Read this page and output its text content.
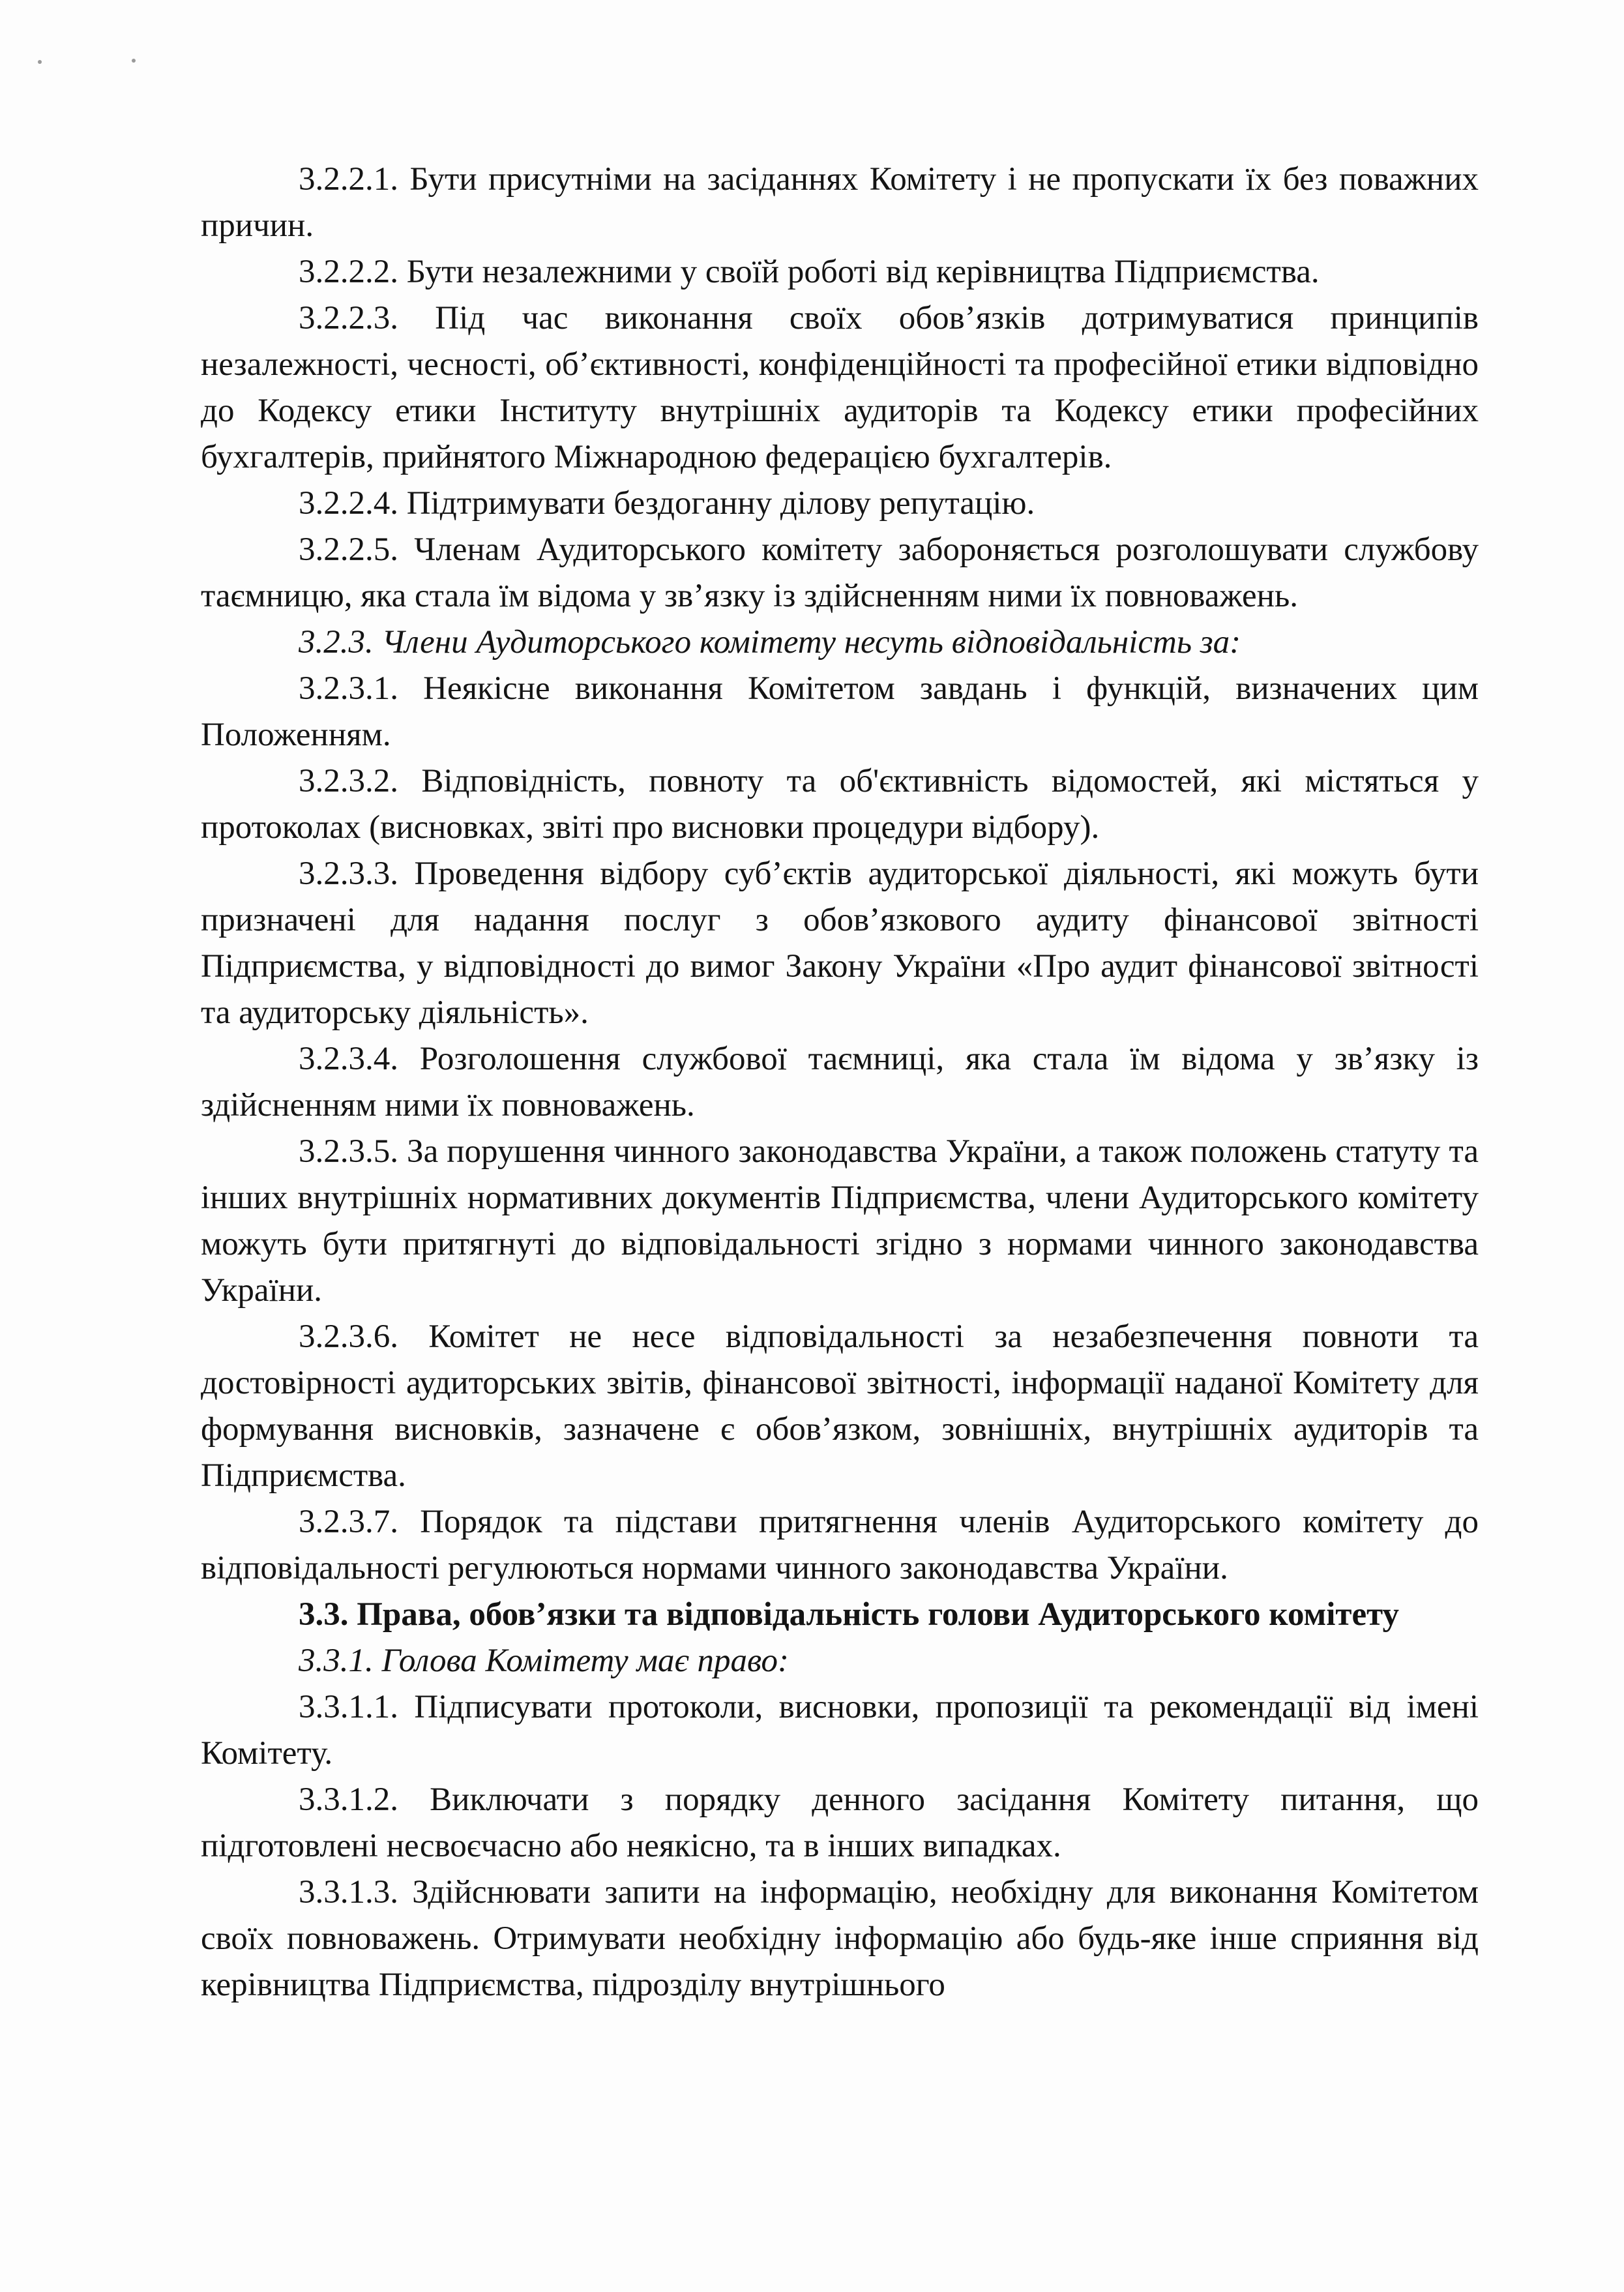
3.2.2.1. Бути присутніми на засіданнях Комітету і не пропускати їх без поважних причин.

3.2.2.2. Бути незалежними у своїй роботі від керівництва Підприємства.

3.2.2.3. Під час виконання своїх обов’язків дотримуватися принципів незалежності, чесності, об’єктивності, конфіденційності та професійної етики відповідно до Кодексу етики Інституту внутрішніх аудиторів та Кодексу етики професійних бухгалтерів, прийнятого Міжнародною федерацією бухгалтерів.

3.2.2.4. Підтримувати бездоганну ділову репутацію.

3.2.2.5. Членам Аудиторського комітету забороняється розголошувати службову таємницю, яка стала їм відома у зв’язку із здійсненням ними їх повноважень.

3.2.3. Члени Аудиторського комітету несуть відповідальність за:

3.2.3.1. Неякісне виконання Комітетом завдань і функцій, визначених цим Положенням.

3.2.3.2. Відповідність, повноту та об'єктивність відомостей, які містяться у протоколах (висновках, звіті про висновки процедури відбору).

3.2.3.3. Проведення відбору суб’єктів аудиторської діяльності, які можуть бути призначені для надання послуг з обов’язкового аудиту фінансової звітності Підприємства, у відповідності до вимог Закону України «Про аудит фінансової звітності та аудиторську діяльність».

3.2.3.4. Розголошення службової таємниці, яка стала їм відома у зв’язку із здійсненням ними їх повноважень.

3.2.3.5. За порушення чинного законодавства України, а також положень статуту та інших внутрішніх нормативних документів Підприємства, члени Аудиторського комітету можуть бути притягнуті до відповідальності згідно з нормами чинного законодавства України.

3.2.3.6. Комітет не несе відповідальності за незабезпечення повноти та достовірності аудиторських звітів, фінансової звітності, інформації наданої Комітету для формування висновків, зазначене є обов’язком, зовнішніх, внутрішніх аудиторів та Підприємства.

3.2.3.7. Порядок та підстави притягнення членів Аудиторського комітету до відповідальності регулюються нормами чинного законодавства України.

3.3. Права, обов’язки та відповідальність голови Аудиторського комітету

3.3.1. Голова Комітету має право:

3.3.1.1. Підписувати протоколи, висновки, пропозиції та рекомендації від імені Комітету.

3.3.1.2. Виключати з порядку денного засідання Комітету питання, що підготовлені несвоєчасно або неякісно, та в інших випадках.

3.3.1.3. Здійснювати запити на інформацію, необхідну для виконання Комітетом своїх повноважень. Отримувати необхідну інформацію або будь-яке інше сприяння від керівництва Підприємства, підрозділу внутрішнього
